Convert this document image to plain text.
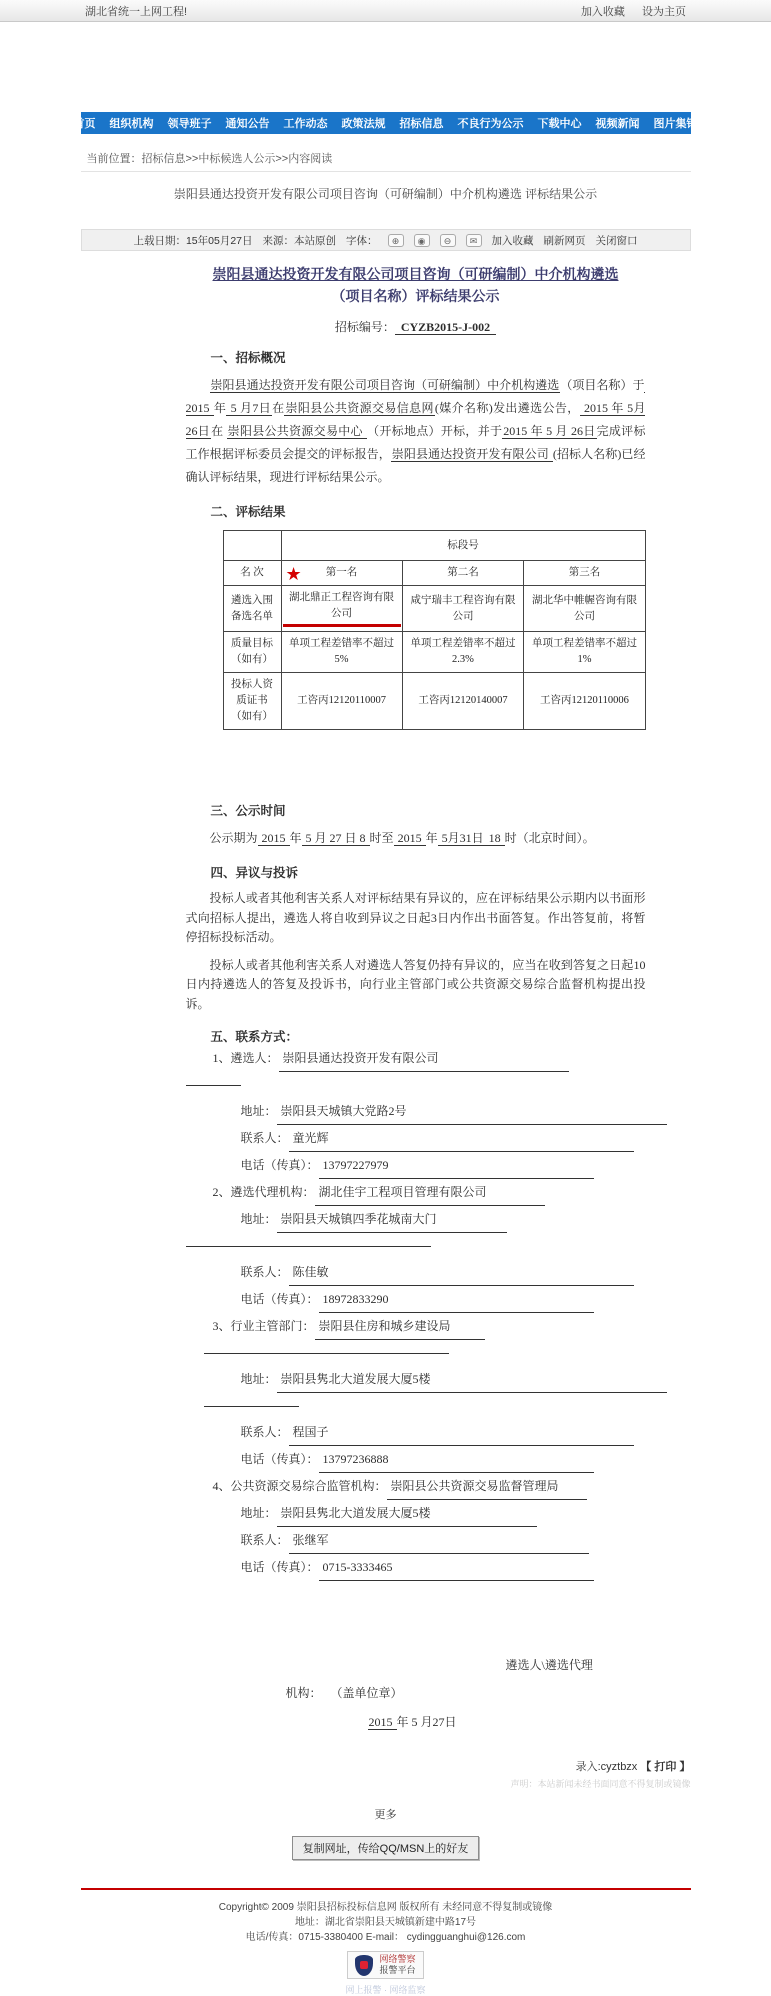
湖北省统一上网工程!	加入收藏 设为主页
首页 组织机构 领导班子 通知公告 工作动态 政策法规 招标信息 不良行为公示 下载中心 视频新闻 图片集锦
当前位置：招标信息>>中标候选人公示>>内容阅读
崇阳县通达投资开发有限公司项目咨询（可研编制）中介机构遴选 评标结果公示
上载日期：15年05月27日 来源：本站原创 字体：	⊕	◉	⊖	✉	加入收藏 刷新网页 关闭窗口
崇阳县通达投资开发有限公司项目咨询（可研编制）中介机构遴选
（项目名称）评标结果公示
招标编号： CYZB2015-J-002
一、招标概况
崇阳县通达投资开发有限公司项目咨询（可研编制）中介机构遴选（项目名称）于 2015 年 5 月7日在崇阳县公共资源交易信息网(媒介名称)发出遴选公告， 2015 年 5月 26日在 崇阳县公共资源交易中心 （开标地点）开标，并于2015 年 5 月 26日完成评标工作根据评标委员会提交的评标报告，崇阳县通达投资开发有限公司 (招标人名称)已经确认评标结果，现进行评标结果公示。
二、评标结果
	标段号		
名 次	★ 第一名	第二名	第三名
遴选入围备选名单	湖北鼎正工程咨询有限公司	咸宁瑞丰工程咨询有限公司	湖北华中帷幄咨询有限公司
质量目标（如有）	单项工程差错率不超过5%	单项工程差错率不超过2.3%	单项工程差错率不超过1%
投标人资质证书（如有）	工咨丙12120110007	工咨丙12120140007	工咨丙12120110006
三、公示时间
公示期为 2015 年 5 月 27 日 8 时至 2015 年 5月31日 18 时（北京时间）。
四、异议与投诉
投标人或者其他利害关系人对评标结果有异议的，应在评标结果公示期内以书面形式向招标人提出，遴选人将自收到异议之日起3日内作出书面答复。作出答复前，将暂停招标投标活动。
投标人或者其他利害关系人对遴选人答复仍持有异议的，应当在收到答复之日起10日内持遴选人的答复及投诉书，向行业主管部门或公共资源交易综合监督机构提出投诉。
五、联系方式：
1、遴选人： 崇阳县通达投资开发有限公司
地址： 崇阳县天城镇大党路2号
联系人： 童光辉
电话（传真）： 13797227979
2、遴选代理机构： 湖北佳宇工程项目管理有限公司
地址： 崇阳县天城镇四季花城南大门
联系人： 陈佳敏
电话（传真）： 18972833290
3、行业主管部门： 崇阳县住房和城乡建设局
地址： 崇阳县隽北大道发展大厦5楼
联系人： 程国子
电话（传真）： 13797236888
4、公共资源交易综合监管机构： 崇阳县公共资源交易监督管理局
地址： 崇阳县隽北大道发展大厦5楼
联系人： 张继军
电话（传真）： 0715-3333465
遴选人\遴选代理
机构： （盖单位章）
2015 年 5 月27日
录入:cyztbzx 【 打印 】
声明：本站新闻未经书面同意不得复制或镜像
更多
复制网址，传给QQ/MSN上的好友
Copyright© 2009 崇阳县招标投标信息网 版权所有 未经同意不得复制或镜像
地址：湖北省崇阳县天城镇新建中路17号
电话/传真：0715-3380400 E-mail： cydingguanghui@126.com
网络警察
报警平台
网上报警 · 网络监察
